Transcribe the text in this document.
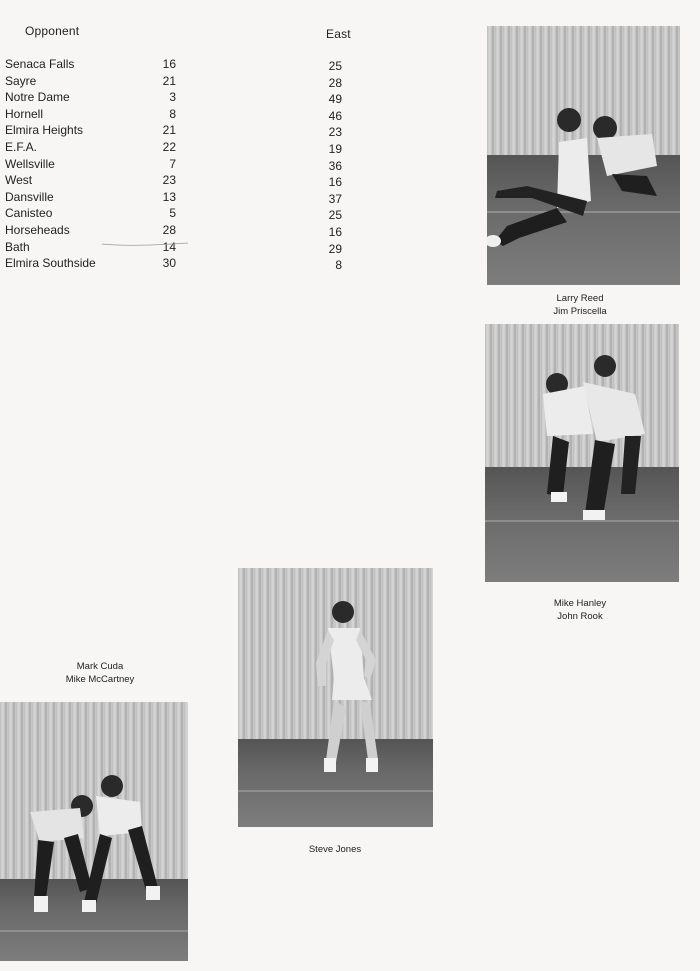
Opponent	East
Senaca Falls	16	25
Sayre	21	28
Notre Dame	3	49
Hornell	8	46
Elmira Heights	21	23
E.F.A.	22	19
Wellsville	7	36
West	23	16
Dansville	13	37
Canisteo	5	25
Horseheads	28	16
Bath	14	29
Elmira Southside	30	8
Larry Reed
Jim Priscella
Mike Hanley
John Rook
Steve Jones
Mark Cuda
Mike McCartney
